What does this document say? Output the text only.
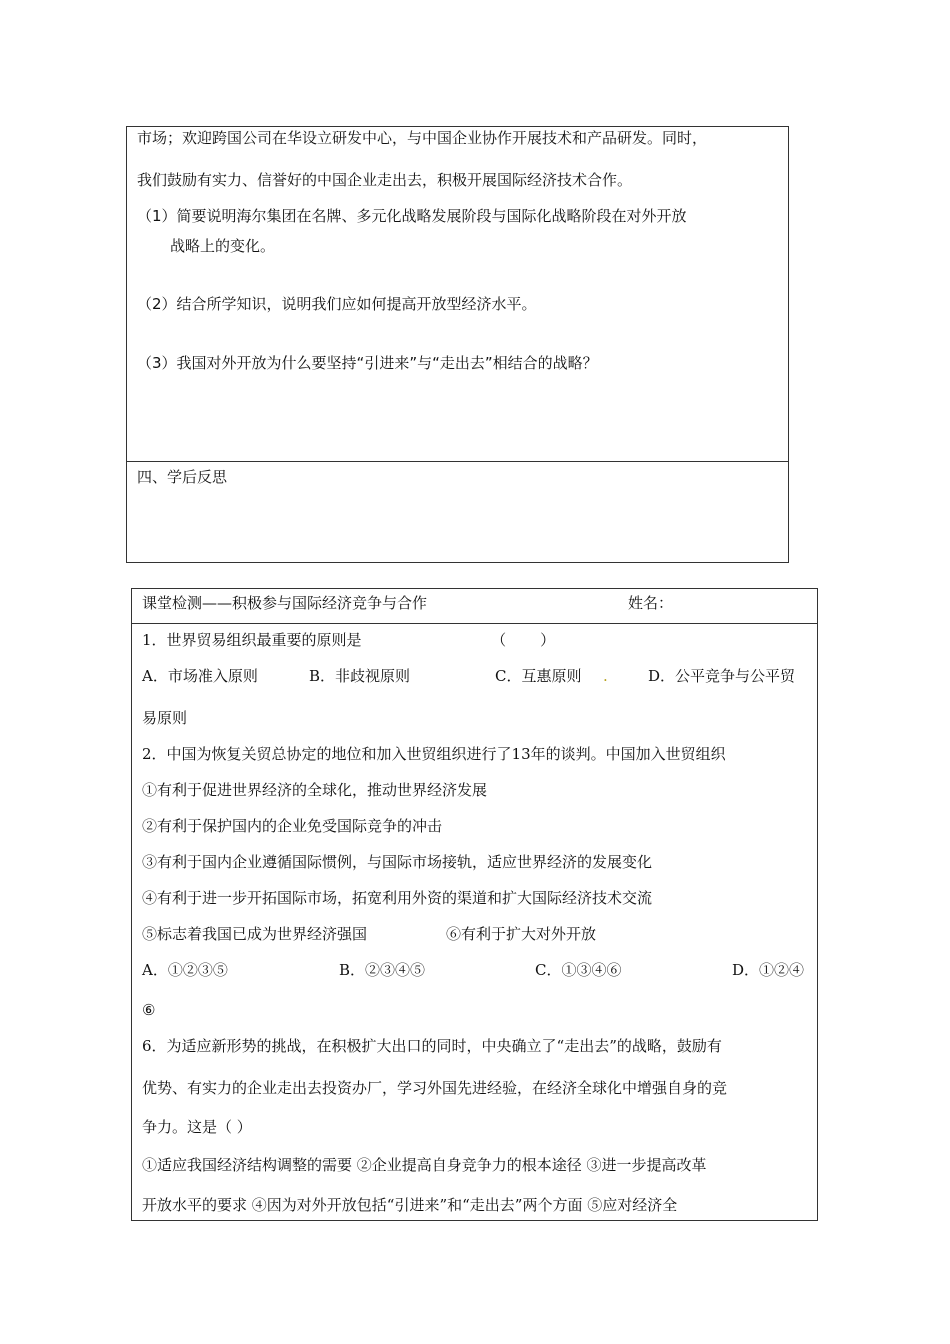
市场；欢迎跨国公司在华设立研发中心，与中国企业协作开展技术和产品研发。同时，
我们鼓励有实力、信誉好的中国企业走出去，积极开展国际经济技术合作。
（1）简要说明海尔集团在名牌、多元化战略发展阶段与国际化战略阶段在对外开放
战略上的变化。
（2）结合所学知识，说明我们应如何提高开放型经济水平。
（3）我国对外开放为什么要坚持“引进来”与“走出去”相结合的战略？
四、学后反思
课堂检测——积极参与国际经济竞争与合作	姓名：
1．世界贸易组织最重要的原则是	（ ）
A．市场准入原则	B．非歧视原则	C．互惠原则 .	D．公平竞争与公平贸
易原则
2．中国为恢复关贸总协定的地位和加入世贸组织进行了13年的谈判。中国加入世贸组织
①有利于促进世界经济的全球化，推动世界经济发展
②有利于保护国内的企业免受国际竞争的冲击
③有利于国内企业遵循国际惯例，与国际市场接轨，适应世界经济的发展变化
④有利于进一步开拓国际市场，拓宽利用外资的渠道和扩大国际经济技术交流
⑤标志着我国已成为世界经济强国	⑥有利于扩大对外开放
A．①②③⑤	B．②③④⑤	C．①③④⑥	D．①②④
⑥
6．为适应新形势的挑战，在积极扩大出口的同时，中央确立了“走出去”的战略，鼓励有
优势、有实力的企业走出去投资办厂，学习外国先进经验，在经济全球化中增强自身的竞
争力。这是（ ）
①适应我国经济结构调整的需要 ②企业提高自身竞争力的根本途径 ③进一步提高改革
开放水平的要求 ④因为对外开放包括“引进来”和“走出去”两个方面 ⑤应对经济全
